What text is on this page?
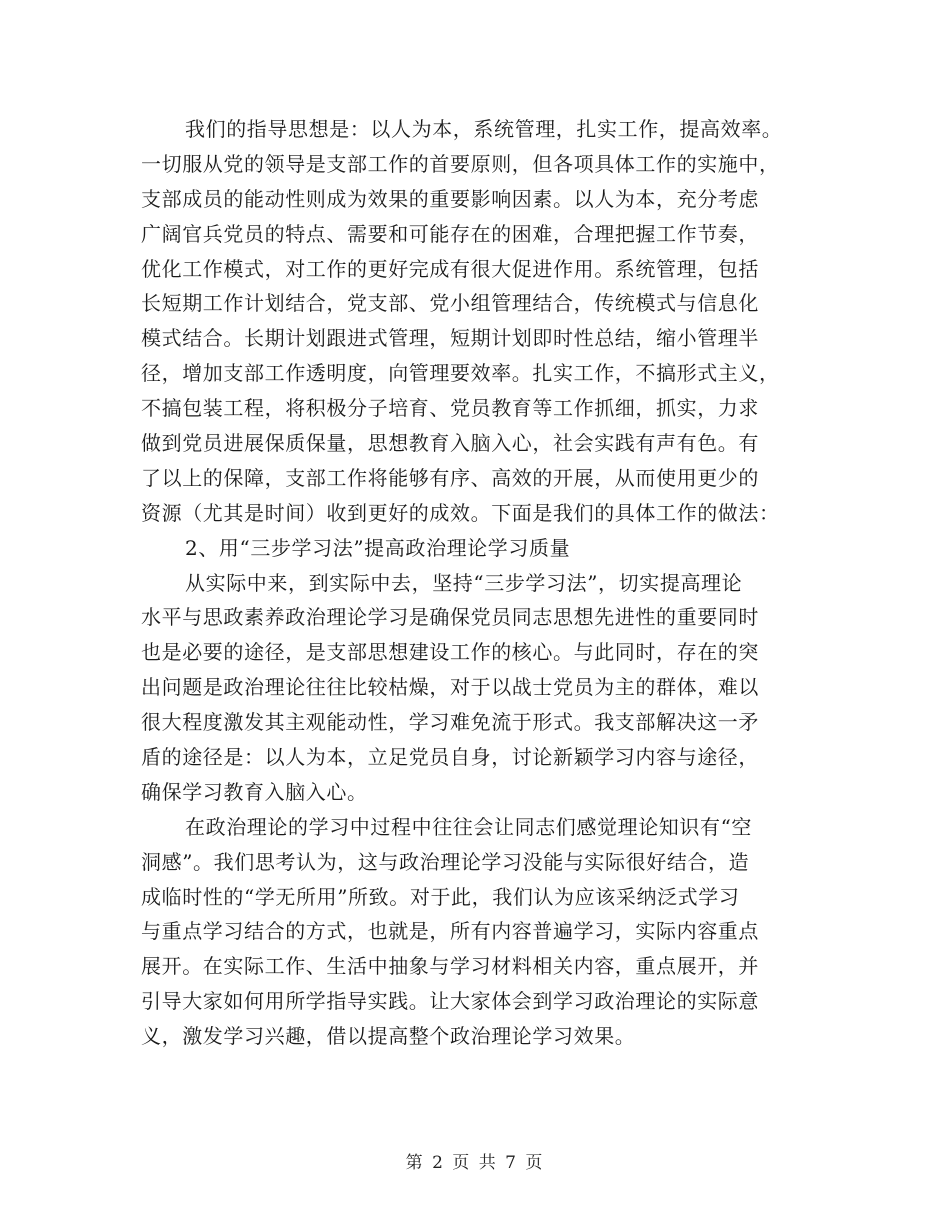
我们的指导思想是：以人为本，系统管理，扎实工作，提高效率。
一切服从党的领导是支部工作的首要原则，但各项具体工作的实施中，
支部成员的能动性则成为效果的重要影响因素。以人为本，充分考虑
广阔官兵党员的特点、需要和可能存在的困难，合理把握工作节奏，
优化工作模式，对工作的更好完成有很大促进作用。系统管理，包括
长短期工作计划结合，党支部、党小组管理结合，传统模式与信息化
模式结合。长期计划跟进式管理，短期计划即时性总结，缩小管理半
径，增加支部工作透明度，向管理要效率。扎实工作，不搞形式主义，
不搞包装工程，将积极分子培育、党员教育等工作抓细，抓实，力求
做到党员进展保质保量，思想教育入脑入心，社会实践有声有色。有
了以上的保障，支部工作将能够有序、高效的开展，从而使用更少的
资源（尤其是时间）收到更好的成效。下面是我们的具体工作的做法：
2、用“三步学习法”提高政治理论学习质量
从实际中来，到实际中去，坚持“三步学习法”，切实提高理论
水平与思政素养政治理论学习是确保党员同志思想先进性的重要同时
也是必要的途径，是支部思想建设工作的核心。与此同时，存在的突
出问题是政治理论往往比较枯燥，对于以战士党员为主的群体，难以
很大程度激发其主观能动性，学习难免流于形式。我支部解决这一矛
盾的途径是：以人为本，立足党员自身，讨论新颖学习内容与途径，
确保学习教育入脑入心。
在政治理论的学习中过程中往往会让同志们感觉理论知识有“空
洞感”。我们思考认为，这与政治理论学习没能与实际很好结合，造
成临时性的“学无所用”所致。对于此，我们认为应该采纳泛式学习
与重点学习结合的方式，也就是，所有内容普遍学习，实际内容重点
展开。在实际工作、生活中抽象与学习材料相关内容，重点展开，并
引导大家如何用所学指导实践。让大家体会到学习政治理论的实际意
义，激发学习兴趣，借以提高整个政治理论学习效果。
第 2 页 共 7 页
